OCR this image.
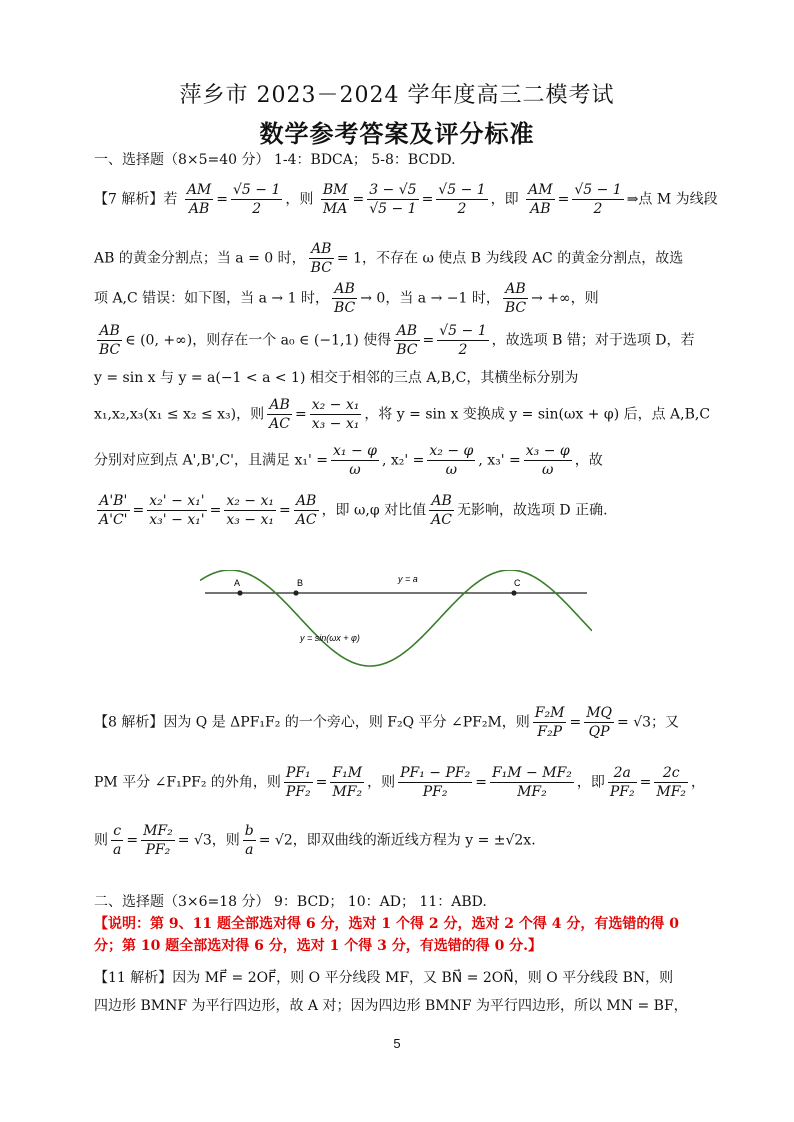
萍乡市 2023－2024 学年度高三二模考试
数学参考答案及评分标准
一、选择题（8×5=40 分） 1-4：BDCA； 5-8：BCDD.
【7 解析】若 $\frac{AM}{AB} = \frac{√5 - 1}{2}$ ，则 $\frac{BM}{MA} = \frac{3 - √5}{√5 - 1} = \frac{√5 - 1}{2}$ ，即 $\frac{AM}{AB} = \frac{√5 - 1}{2}$ ⇒点 M 为线段
AB 的黄金分割点；当 a = 0 时， $\frac{AB}{BC} = 1$，不存在 ω 使点 B 为线段 AC 的黄金分割点，故选
项 A,C 错误：如下图，当 a → 1 时， $\frac{AB}{BC} \to 0$，当 a → −1 时， $\frac{AB}{BC}$ → +∞，则
$\frac{AB}{BC}$ ∈ (0, +∞)，则存在一个 a₀ ∈ (−1,1) 使得 $\frac{AB}{BC} = \frac{√5 - 1}{2}$ ，故选项 B 错；对于选项 D，若
y = sin x 与 y = a(−1 < a < 1) 相交于相邻的三点 A,B,C，其横坐标分别为
x₁,x₂,x₃(x₁ ≤ x₂ ≤ x₃)，则 $\frac{AB}{AC} = \frac{\text{x₂ − x₁}}{\text{x₃ − x₁}}$ ，将 y = sin x 变换成 y = sin(ωx + φ) 后，点 A,B,C
分别对应到点 A',B',C'，且满足 $x_1' = \frac{\text{x₁ − φ}}{\omega}$ , $x_2' = \frac{\text{x₂ − φ}}{\omega}$ , $x_3' = \frac{\text{x₃ − φ}}{\omega}$ ，故
$\frac{A'B'}{A'C'} = \frac{\text{x₂' − x₁'}}{\text{x₃' − x₁'}} = \frac{\text{x₂ − x₁}}{\text{x₃ − x₁}} = \frac{AB}{AC}$ ，即 ω,φ 对比值 $\frac{AB}{AC}$ 无影响，故选项 D 正确.
A	B	C
y = a
y = sin(ωx + φ)
【8 解析】因为 Q 是 ΔPF₁F₂ 的一个旁心，则 F₂Q 平分 ∠PF₂M，则 $\frac{\text{F₂M}}{\text{F₂P}} = \frac{MQ}{QP} = √3$；又
PM 平分 ∠F₁PF₂ 的外角，则 $\frac{\text{PF₁}}{\text{PF₂}} = \frac{\text{F₁M}}{\text{MF₂}}$ ，则 $\frac{\text{PF₁ − PF₂}}{\text{PF₂}} = \frac{\text{F₁M − MF₂}}{\text{MF₂}}$ ，即 $\frac{2a}{\text{PF₂}} = \frac{2c}{\text{MF₂}}$ ，
则 $\frac{c}{a} = \frac{\text{MF₂}}{\text{PF₂}} = √3$，则 $\frac{b}{a} = √2$，即双曲线的渐近线方程为 y = ±√2x.
二、选择题（3×6=18 分） 9：BCD； 10：AD； 11：ABD.
【说明：第 9、11 题全部选对得 6 分，选对 1 个得 2 分，选对 2 个得 4 分，有选错的得 0
分；第 10 题全部选对得 6 分，选对 1 个得 3 分，有选错的得 0 分.】
【11 解析】因为 MF⃗ = 2OF⃗，则 O 平分线段 MF，又 BN⃗ = 2ON⃗，则 O 平分线段 BN，则
四边形 BMNF 为平行四边形，故 A 对；因为四边形 BMNF 为平行四边形，所以 MN = BF，
5
